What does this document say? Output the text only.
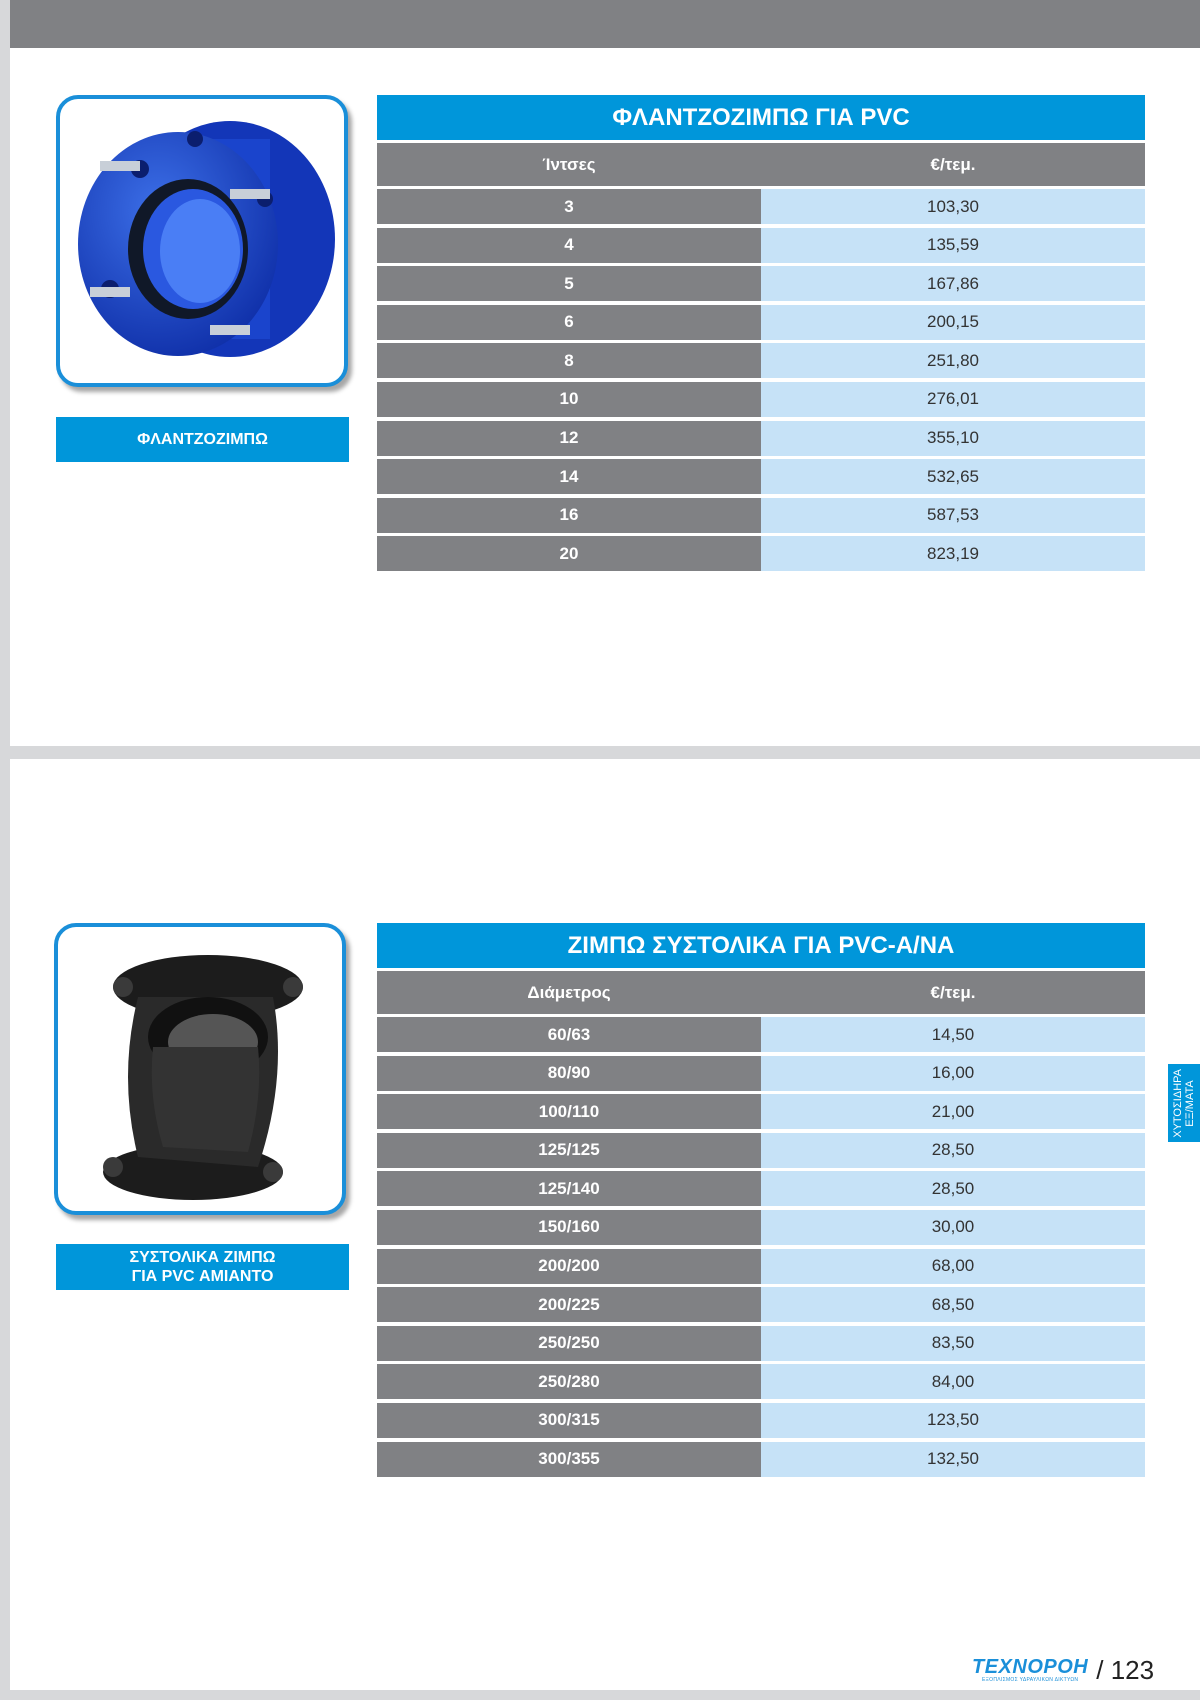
ΦΛΑΝΤΖΟΖΙΜΠΩ
ΦΛΑΝΤΖΟΖΙΜΠΩ ΓΙΑ PVC
Ίντσες	€/τεμ.
3	103,30
4	135,59
5	167,86
6	200,15
8	251,80
10	276,01
12	355,10
14	532,65
16	587,53
20	823,19
ΣΥΣΤΟΛΙΚΑ ΖΙΜΠΩ
ΓΙΑ PVC ΑΜΙΑΝΤΟ
ΖΙΜΠΩ ΣΥΣΤΟΛΙΚΑ ΓΙΑ PVC-A/NA
Διάμετρος	€/τεμ.
60/63	14,50
80/90	16,00
100/110	21,00
125/125	28,50
125/140	28,50
150/160	30,00
200/200	68,00
200/225	68,50
250/250	83,50
250/280	84,00
300/315	123,50
300/355	132,50
ΧΥΤΟΣΙΔΗΡΑ
ΕΞ/ΜΑΤΑ
ΤΕΧΝΟΡΟΗ
ΕΞΟΠΛΙΣΜΟΣ ΥΔΡΑΥΛΙΚΩΝ ΔΙΚΤΥΩΝ / 123
